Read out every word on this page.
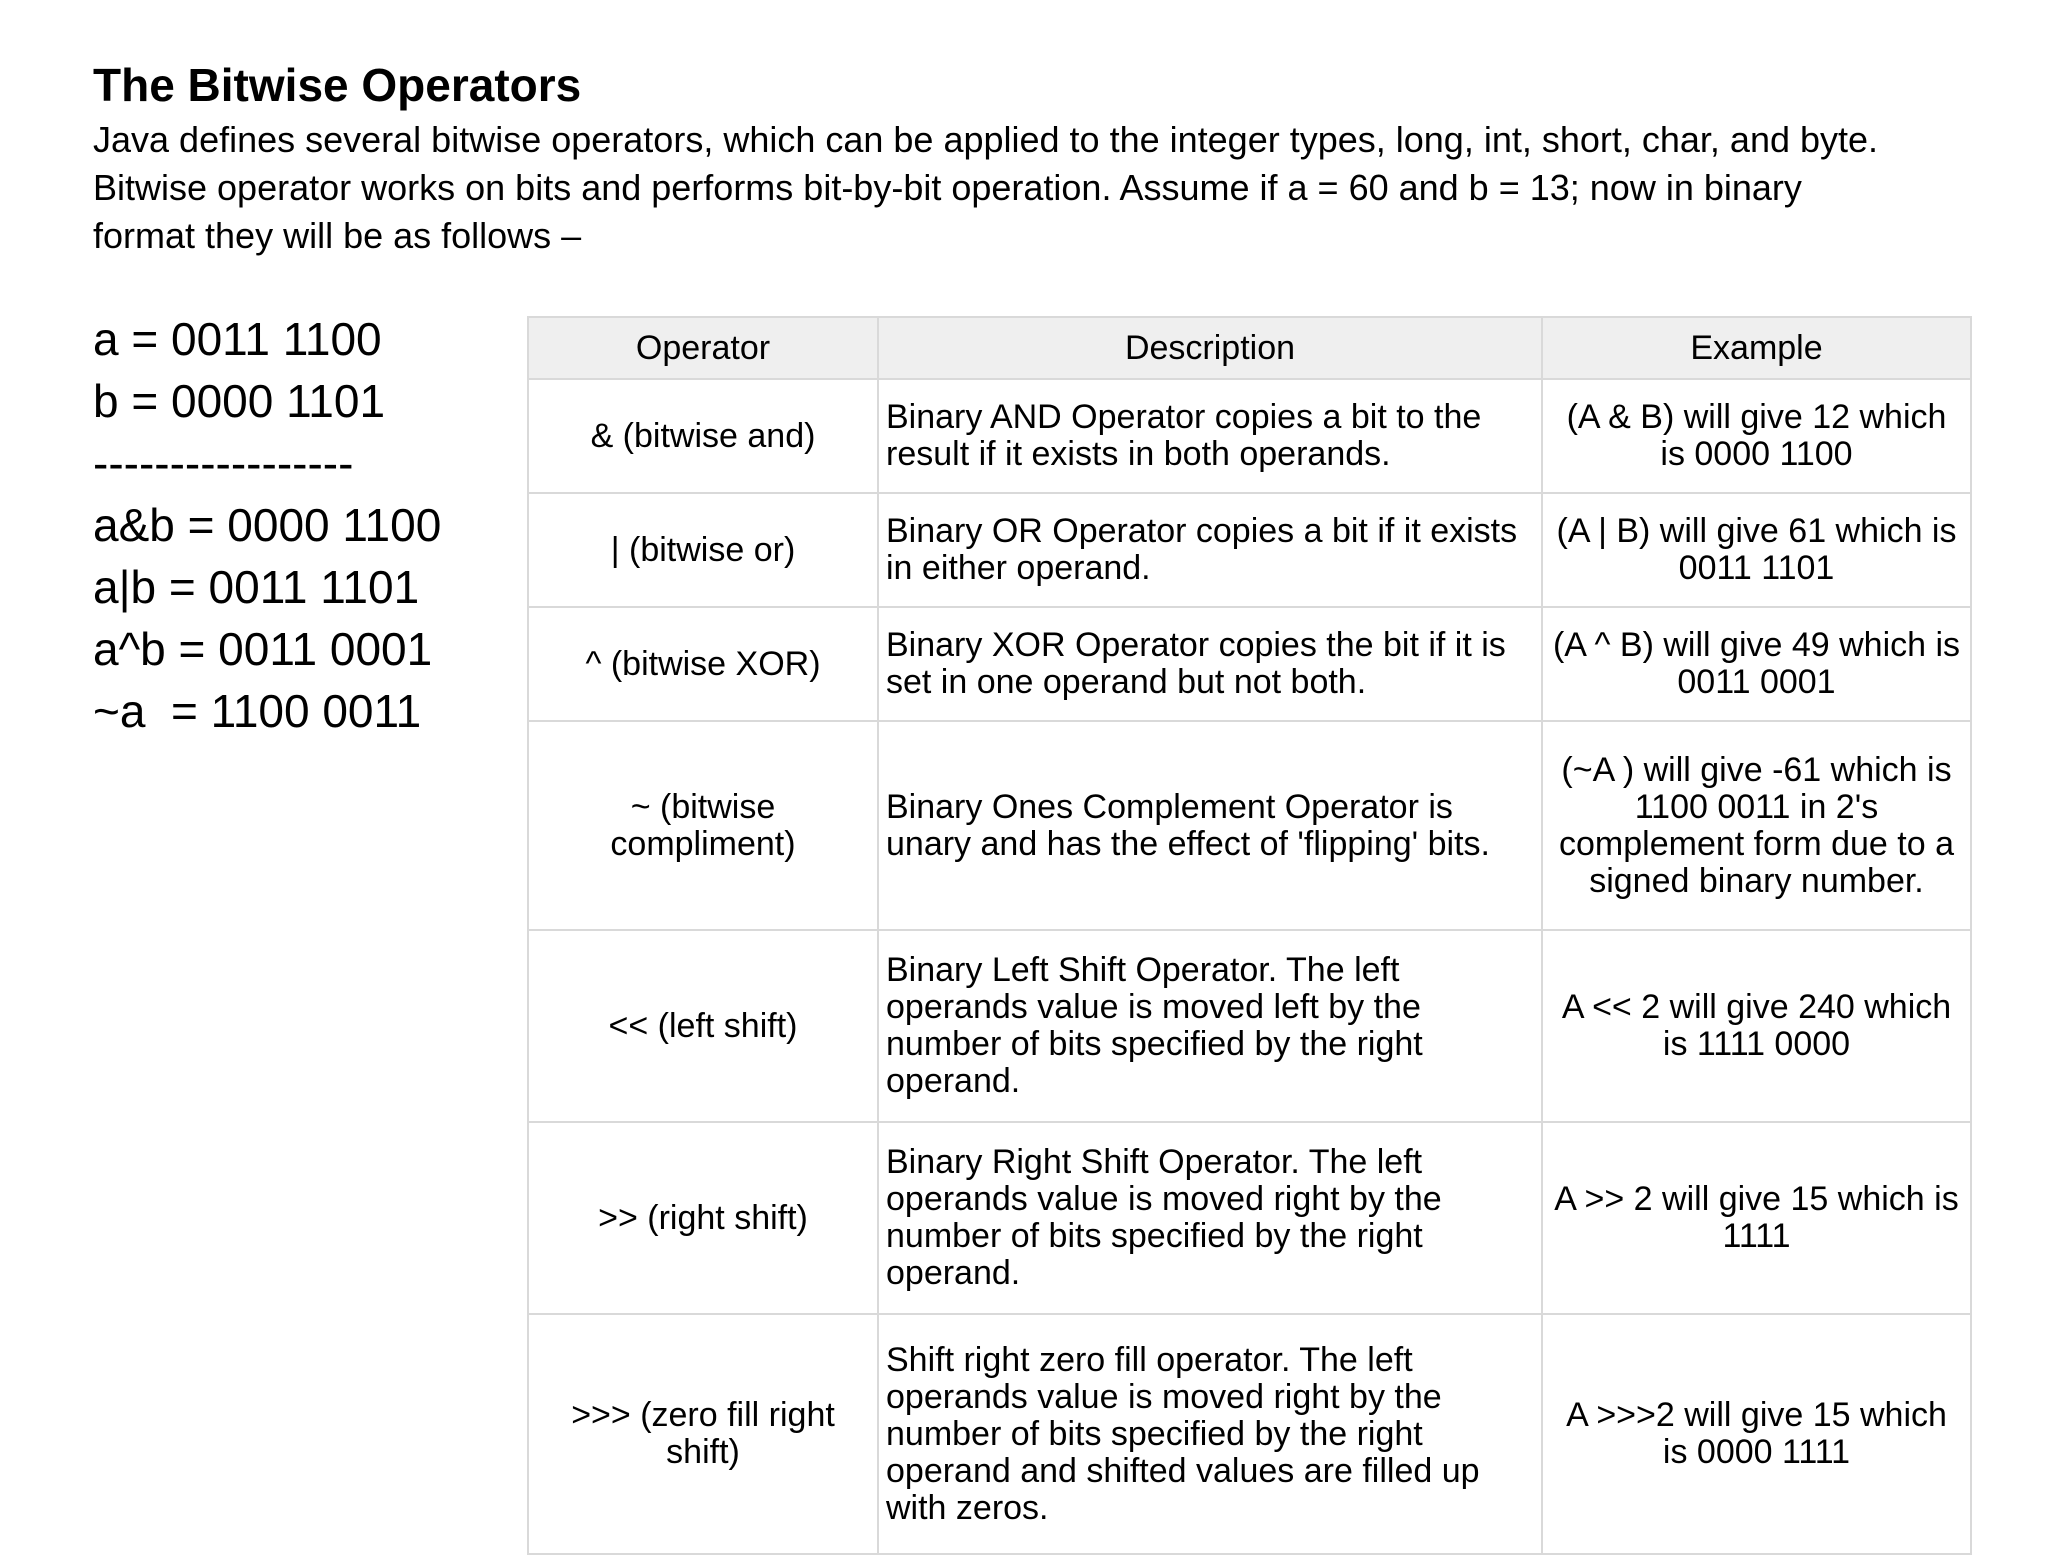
The Bitwise Operators

Java defines several bitwise operators, which can be applied to the integer types, long, int, short, char, and byte.

Bitwise operator works on bits and performs bit-by-bit operation. Assume if a = 60 and b = 13; now in binary format they will be as follows –

a = 0011 1100
b = 0000 1101
-----------------
a&b = 0000 1100
a|b = 0011 1101
a^b = 0011 0001
~a  = 1100 0011
Operator	Description	Example
& (bitwise and)	Binary AND Operator copies a bit to the result if it exists in both operands.	(A & B) will give 12 which is 0000 1100
| (bitwise or)	Binary OR Operator copies a bit if it exists in either operand.	(A | B) will give 61 which is 0011 1101
^ (bitwise XOR)	Binary XOR Operator copies the bit if it is set in one operand but not both.	(A ^ B) will give 49 which is 0011 0001
~ (bitwise compliment)	Binary Ones Complement Operator is unary and has the effect of 'flipping' bits.	(~A ) will give -61 which is 1100 0011 in 2's complement form due to a signed binary number.
<< (left shift)	Binary Left Shift Operator. The left operands value is moved left by the number of bits specified by the right operand.	A << 2 will give 240 which is 1111 0000
>> (right shift)	Binary Right Shift Operator. The left operands value is moved right by the number of bits specified by the right operand.	A >> 2 will give 15 which is 1111
>>> (zero fill right shift)	Shift right zero fill operator. The left operands value is moved right by the number of bits specified by the right operand and shifted values are filled up with zeros.	A >>>2 will give 15 which is 0000 1111
